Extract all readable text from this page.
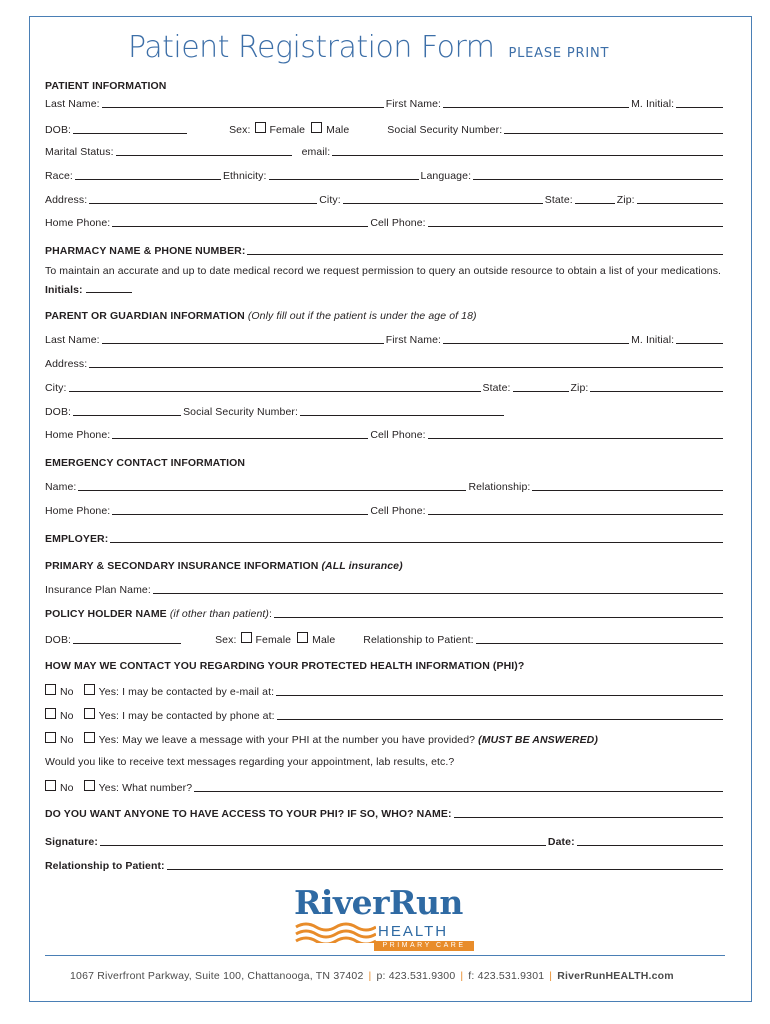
Patient Registration Form PLEASE PRINT
PATIENT INFORMATION
Last Name:	First Name:	M. Initial:
DOB:	Sex: Female Male	Social Security Number:
Marital Status:	email:
Race:	Ethnicity:	Language:
Address:	City:	State:	Zip:
Home Phone:	Cell Phone:
PHARMACY NAME & PHONE NUMBER:
To maintain an accurate and up to date medical record we request permission to query an outside resource to obtain a list of your medications. Initials:
PARENT OR GUARDIAN INFORMATION
(Only fill out if the patient is under the age of 18)
Last Name:	First Name:	M. Initial:
Address:
City:	State:	Zip:
DOB:	Social Security Number:
Home Phone:	Cell Phone:
EMERGENCY CONTACT INFORMATION
Name:	Relationship:
Home Phone:	Cell Phone:
EMPLOYER:
PRIMARY & SECONDARY INSURANCE INFORMATION
(ALL insurance)
Insurance Plan Name:
POLICY HOLDER NAME
(if other than patient) :
DOB:	Sex: Female Male	Relationship to Patient:
HOW MAY WE CONTACT YOU REGARDING YOUR PROTECTED HEALTH INFORMATION (PHI)?
No Yes: I may be contacted by e-mail at:
No Yes: I may be contacted by phone at:
No Yes: May we leave a message with your PHI at the number you have provided?
(MUST BE ANSWERED)
Would you like to receive text messages regarding your appointment, lab results, etc.?
No Yes: What number?
DO YOU WANT ANYONE TO HAVE ACCESS TO YOUR PHI? IF SO, WHO? NAME :
Signature:	Date:
Relationship to Patient:
RiverRun
HEALTH
PRIMARY CARE
1067 Riverfront Parkway, Suite 100, Chattanooga, TN 37402 | p: 423.531.9300 | f: 423.531.9301 | RiverRunHEALTH.com
